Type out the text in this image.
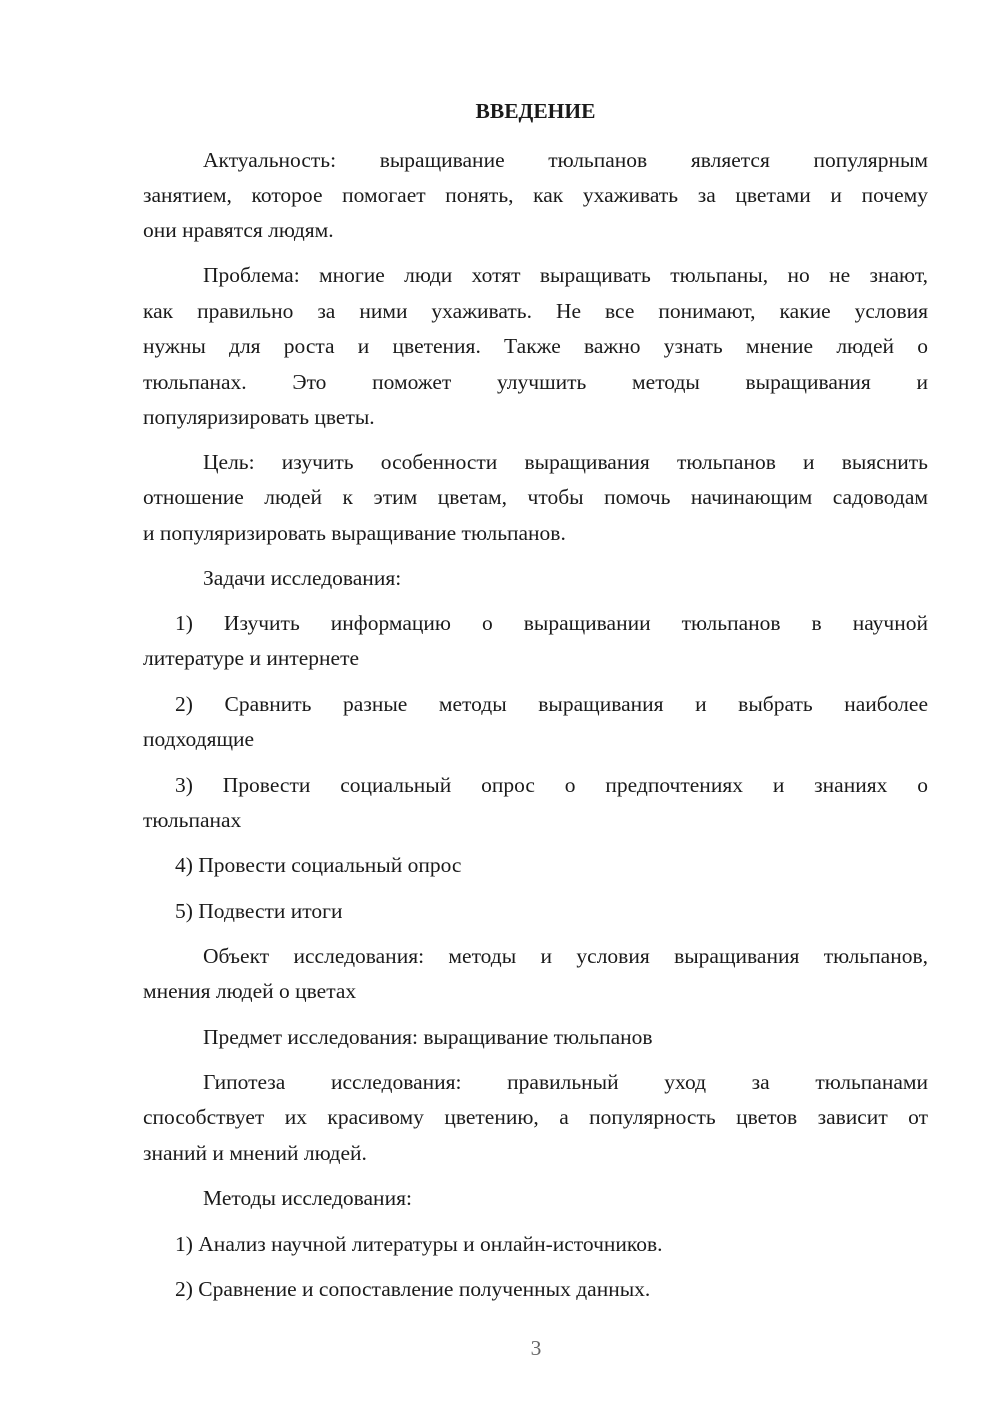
ВВЕДЕНИЕ
Актуальность: выращивание тюльпанов является популярным
занятием, которое помогает понять, как ухаживать за цветами и почему
они нравятся людям.
Проблема: многие люди хотят выращивать тюльпаны, но не знают,
как правильно за ними ухаживать. Не все понимают, какие условия
нужны для роста и цветения. Также важно узнать мнение людей о
тюльпанах. Это поможет улучшить методы выращивания и
популяризировать цветы.
Цель: изучить особенности выращивания тюльпанов и выяснить
отношение людей к этим цветам, чтобы помочь начинающим садоводам
и популяризировать выращивание тюльпанов.
Задачи исследования:
1) Изучить информацию о выращивании тюльпанов в научной
литературе и интернете
2) Сравнить разные методы выращивания и выбрать наиболее
подходящие
3) Провести социальный опрос о предпочтениях и знаниях о
тюльпанах
4) Провести социальный опрос
5) Подвести итоги
Объект исследования: методы и условия выращивания тюльпанов,
мнения людей о цветах
Предмет исследования: выращивание тюльпанов
Гипотеза исследования: правильный уход за тюльпанами
способствует их красивому цветению, а популярность цветов зависит от
знаний и мнений людей.
Методы исследования:
1) Анализ научной литературы и онлайн-источников.
2) Сравнение и сопоставление полученных данных.
3
